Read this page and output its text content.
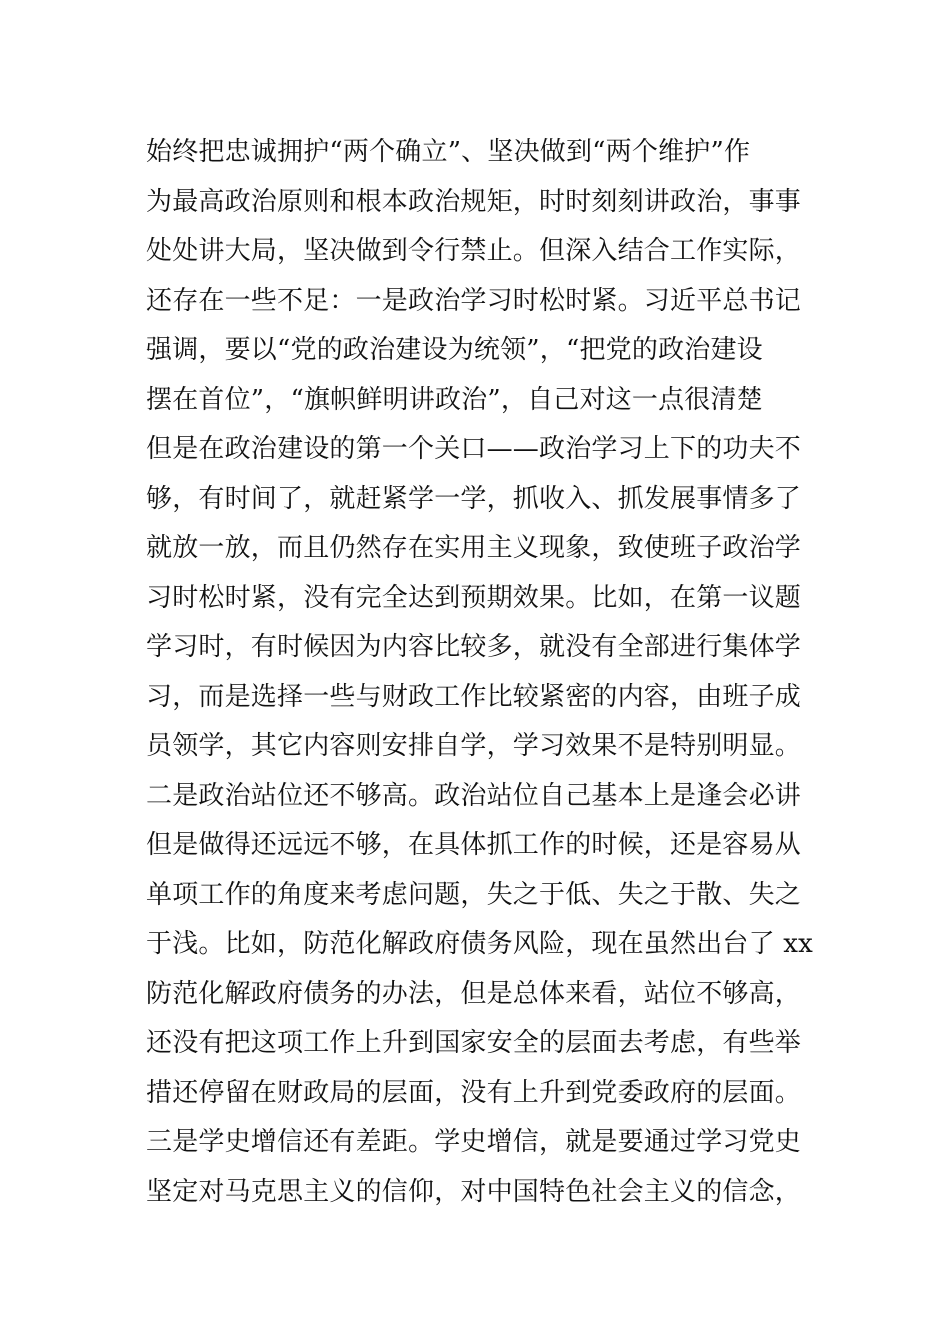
始终把忠诚拥护“两个确立”、坚决做到“两个维护”作
为最高政治原则和根本政治规矩，时时刻刻讲政治，事事
处处讲大局，坚决做到令行禁止。但深入结合工作实际，
还存在一些不足：一是政治学习时松时紧。习近平总书记
强调，要以“党的政治建设为统领”，“把党的政治建设
摆在首位”，“旗帜鲜明讲政治”，自己对这一点很清楚
但是在政治建设的第一个关口——政治学习上下的功夫不
够，有时间了，就赶紧学一学，抓收入、抓发展事情多了
就放一放，而且仍然存在实用主义现象，致使班子政治学
习时松时紧，没有完全达到预期效果。比如，在第一议题
学习时，有时候因为内容比较多，就没有全部进行集体学
习，而是选择一些与财政工作比较紧密的内容，由班子成
员领学，其它内容则安排自学，学习效果不是特别明显。
二是政治站位还不够高。政治站位自己基本上是逢会必讲
但是做得还远远不够，在具体抓工作的时候，还是容易从
单项工作的角度来考虑问题，失之于低、失之于散、失之
于浅。比如，防范化解政府债务风险，现在虽然出台了 xx
防范化解政府债务的办法，但是总体来看，站位不够高，
还没有把这项工作上升到国家安全的层面去考虑，有些举
措还停留在财政局的层面，没有上升到党委政府的层面。
三是学史增信还有差距。学史增信，就是要通过学习党史
坚定对马克思主义的信仰，对中国特色社会主义的信念，
